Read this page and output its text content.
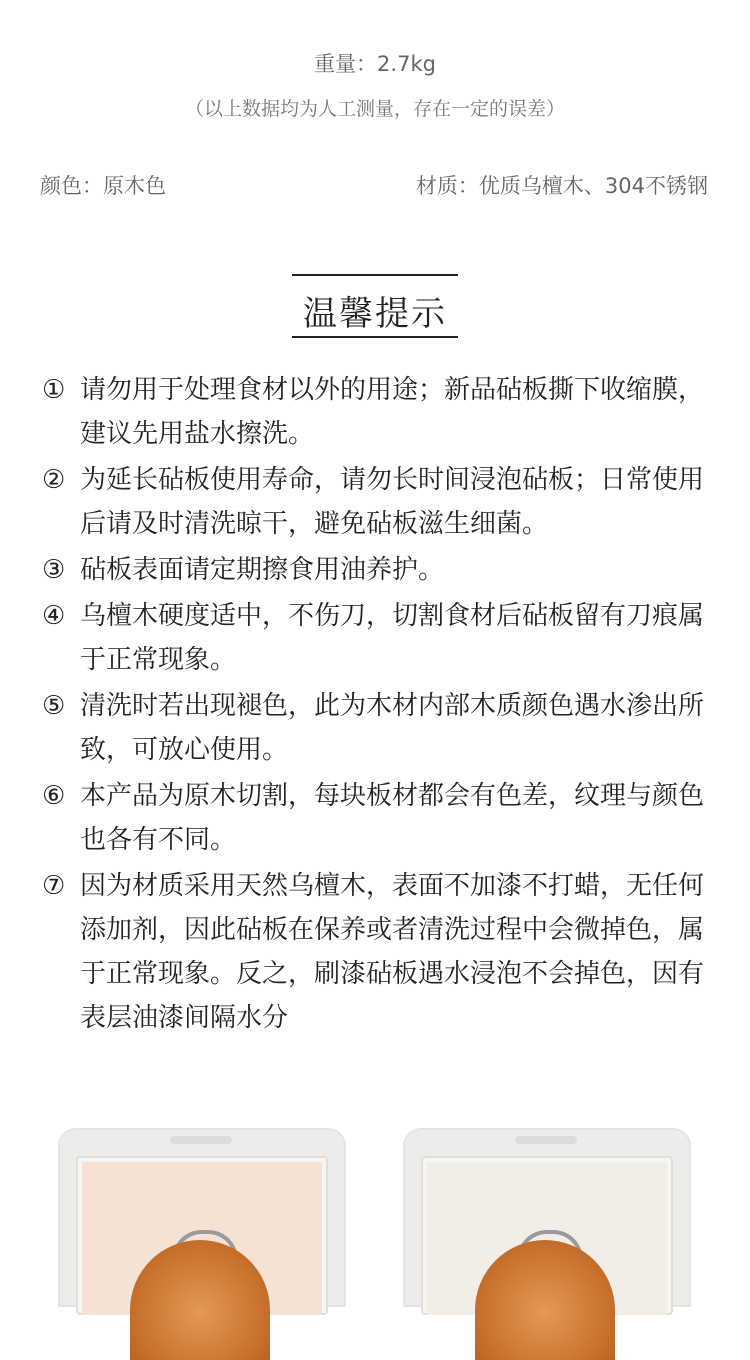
重量：2.7kg
（以上数据均为人工测量，存在一定的误差）
颜色：原木色	材质：优质乌檀木、304不锈钢
温馨提示
① 请勿用于处理食材以外的用途；新品砧板撕下收缩膜，建议先用盐水擦洗。
② 为延长砧板使用寿命，请勿长时间浸泡砧板；日常使用后请及时清洗晾干，避免砧板滋生细菌。
③ 砧板表面请定期擦食用油养护。
④ 乌檀木硬度适中，不伤刀，切割食材后砧板留有刀痕属于正常现象。
⑤ 清洗时若出现褪色，此为木材内部木质颜色遇水渗出所致，可放心使用。
⑥ 本产品为原木切割，每块板材都会有色差，纹理与颜色也各有不同。
⑦ 因为材质采用天然乌檀木，表面不加漆不打蜡，无任何添加剂，因此砧板在保养或者清洗过程中会微掉色，属于正常现象。反之，刷漆砧板遇水浸泡不会掉色，因有表层油漆间隔水分
